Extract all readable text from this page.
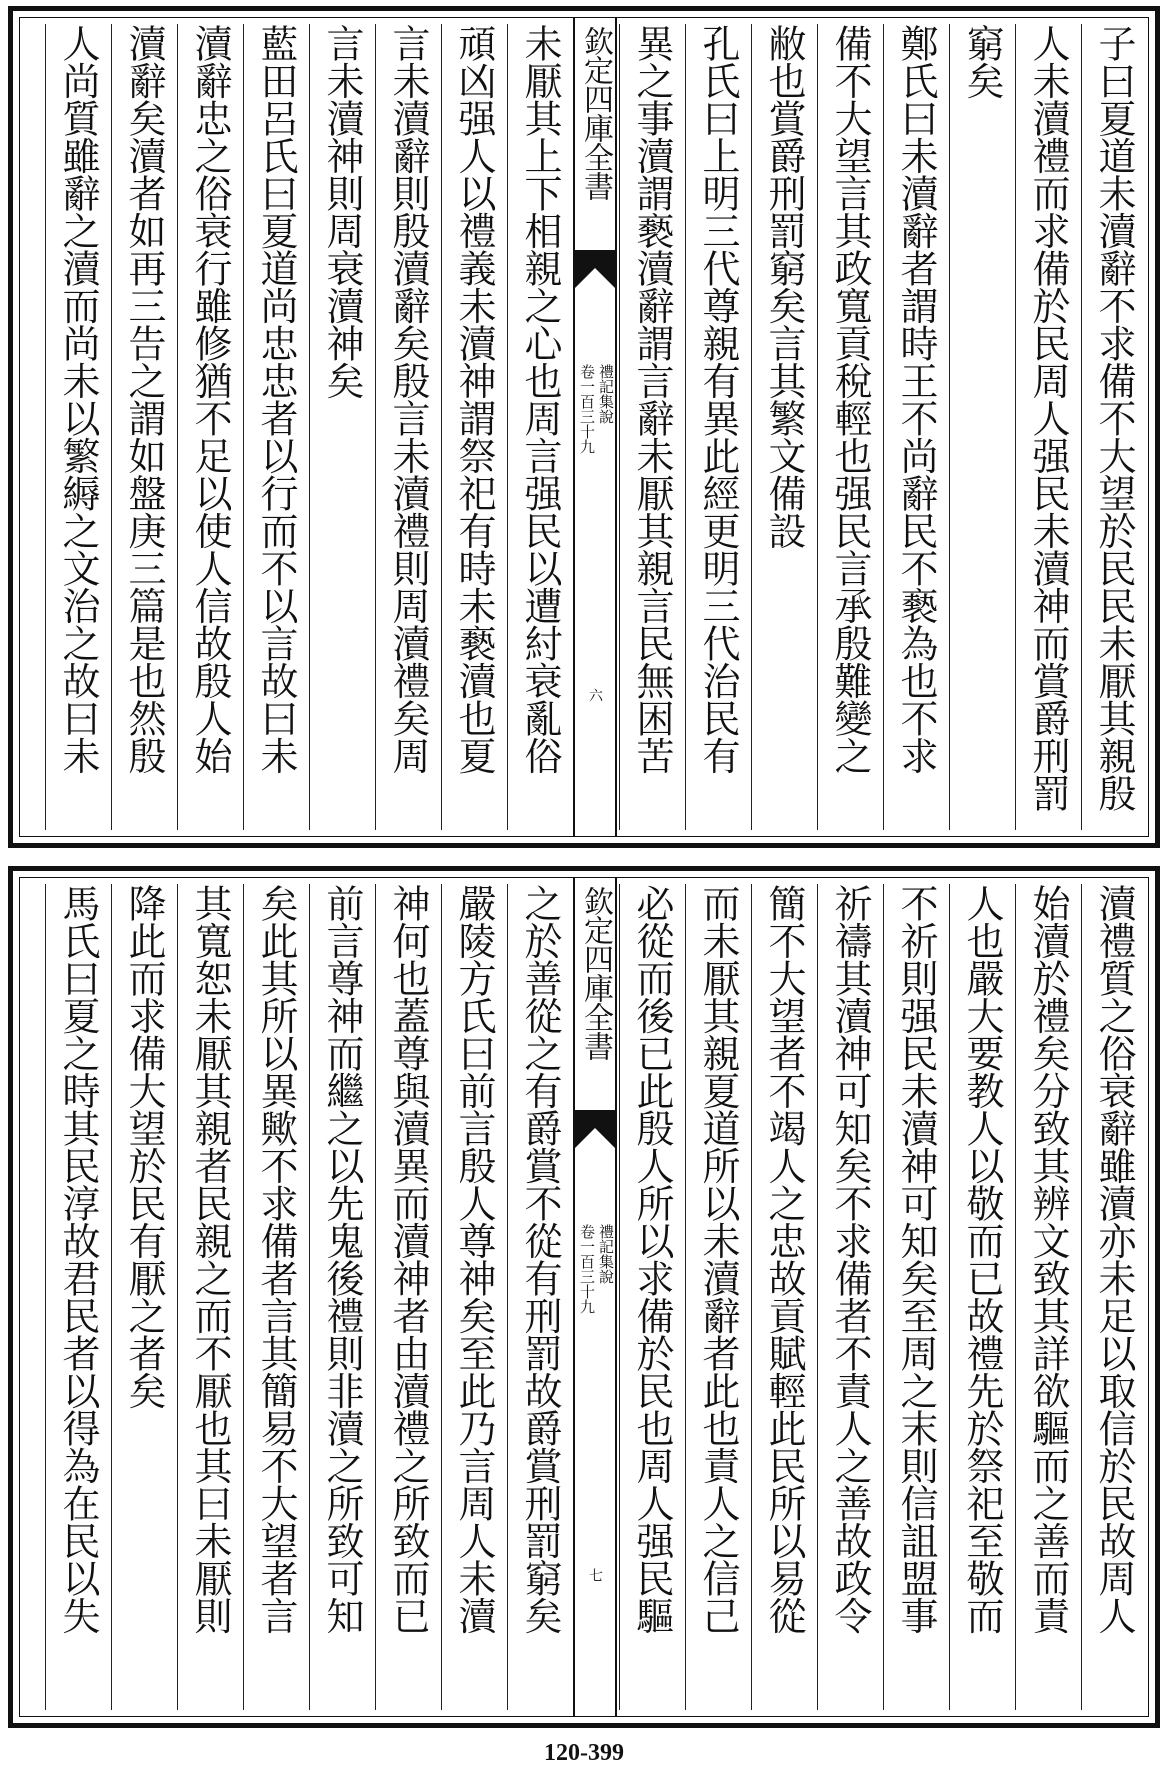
子曰夏道未瀆辭不求備不大望於民民未厭其親殷
人未瀆禮而求備於民周人强民未瀆神而賞爵刑罰
窮矣
鄭氏曰未瀆辭者謂時王不尚辭民不褻為也不求
備不大望言其政寬貢稅輕也强民言承殷難變之
敝也賞爵刑罰窮矣言其繁文備設
孔氏曰上明三代尊親有異此經更明三代治民有
異之事瀆謂褻瀆辭謂言辭未厭其親言民無困苦
欽定四庫全書
禮記集說
卷一百三十九
六
未厭其上下相親之心也周言强民以遭紂衰亂俗
頑凶强人以禮義未瀆神謂祭祀有時未褻瀆也夏
言未瀆辭則殷瀆辭矣殷言未瀆禮則周瀆禮矣周
言未瀆神則周衰瀆神矣
藍田呂氏曰夏道尚忠忠者以行而不以言故曰未
瀆辭忠之俗衰行雖修猶不足以使人信故殷人始
瀆辭矣瀆者如再三告之謂如盤庚三篇是也然殷
人尚質雖辭之瀆而尚未以繁縟之文治之故曰未
瀆禮質之俗衰辭雖瀆亦未足以取信於民故周人
始瀆於禮矣分致其辨文致其詳欲驅而之善而責
人也嚴大要教人以敬而已故禮先於祭祀至敬而
不祈則强民未瀆神可知矣至周之末則信詛盟事
祈禱其瀆神可知矣不求備者不責人之善故政令
簡不大望者不竭人之忠故貢賦輕此民所以易從
而未厭其親夏道所以未瀆辭者此也責人之信己
必從而後已此殷人所以求備於民也周人强民驅
欽定四庫全書
禮記集說
卷一百三十九
七
之於善從之有爵賞不從有刑罰故爵賞刑罰窮矣
嚴陵方氏曰前言殷人尊神矣至此乃言周人未瀆
神何也蓋尊與瀆異而瀆神者由瀆禮之所致而已
前言尊神而繼之以先鬼後禮則非瀆之所致可知
矣此其所以異歟不求備者言其簡易不大望者言
其寬恕未厭其親者民親之而不厭也其曰未厭則
降此而求備大望於民有厭之者矣
馬氏曰夏之時其民淳故君民者以得為在民以失
120-399
